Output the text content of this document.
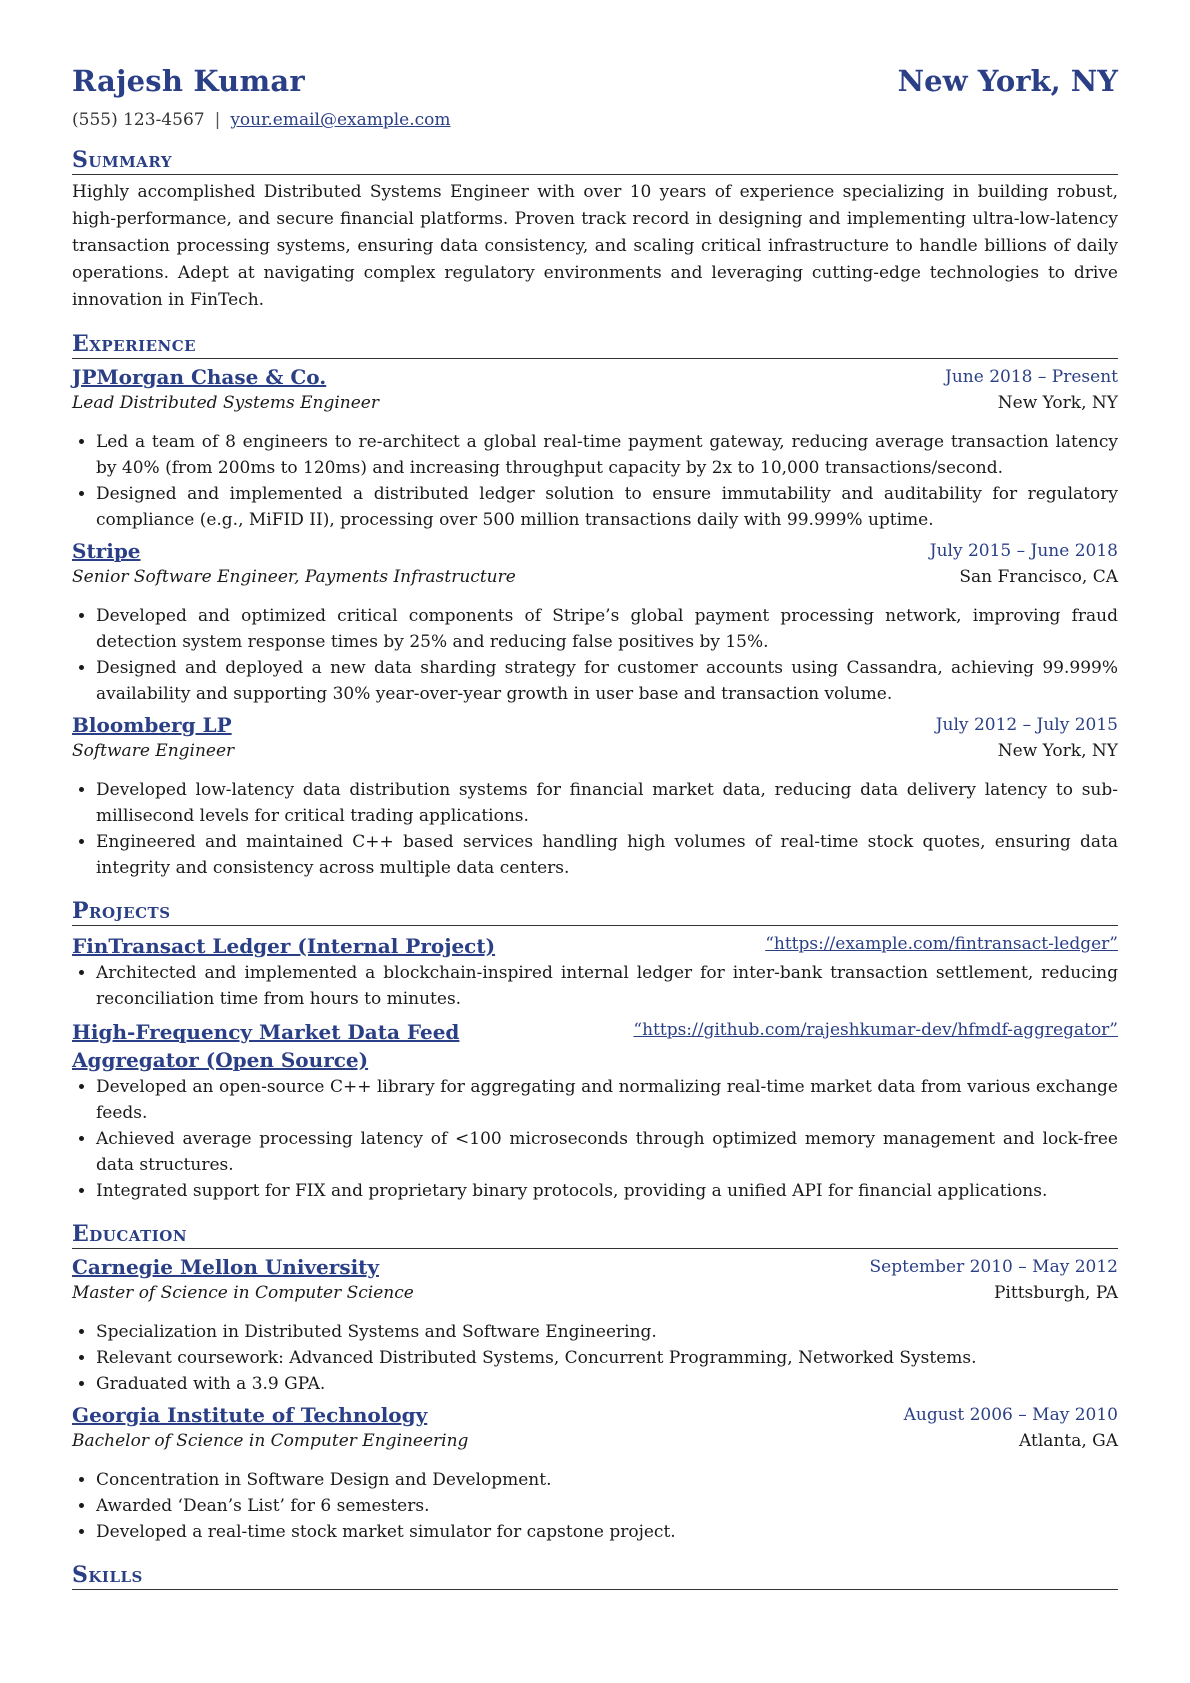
Rajesh Kumar	New York, NY
(555) 123-4567 | your.email@example.com
Summary
Highly accomplished Distributed Systems Engineer with over 10 years of experience specializing in building robust, high-performance, and secure financial platforms. Proven track record in designing and implementing ultra-low-latency transaction processing systems, ensuring data consistency, and scaling critical infrastructure to handle billions of daily operations. Adept at navigating complex regulatory environments and leveraging cutting-edge technologies to drive innovation in FinTech.
Experience
JPMorgan Chase & Co.	June 2018 – Present
Lead Distributed Systems Engineer	New York, NY
• Led a team of 8 engineers to re-architect a global real-time payment gateway, reducing average transaction latency by 40% (from 200ms to 120ms) and increasing throughput capacity by 2x to 10,000 transactions/second.
• Designed and implemented a distributed ledger solution to ensure immutability and auditability for regulatory compliance (e.g., MiFID II), processing over 500 million transactions daily with 99.999% uptime.
Stripe	July 2015 – June 2018
Senior Software Engineer, Payments Infrastructure	San Francisco, CA
• Developed and optimized critical components of Stripe’s global payment processing network, improving fraud detection system response times by 25% and reducing false positives by 15%.
• Designed and deployed a new data sharding strategy for customer accounts using Cassandra, achieving 99.999% availability and supporting 30% year-over-year growth in user base and transaction volume.
Bloomberg LP	July 2012 – July 2015
Software Engineer	New York, NY
• Developed low-latency data distribution systems for financial market data, reducing data delivery latency to sub-millisecond levels for critical trading applications.
• Engineered and maintained C++ based services handling high volumes of real-time stock quotes, ensuring data integrity and consistency across multiple data centers.
Projects
FinTransact Ledger (Internal Project)	“https://example.com/fintransact-ledger”
• Architected and implemented a blockchain-inspired internal ledger for inter-bank transaction settlement, reducing reconciliation time from hours to minutes.
High-Frequency Market Data Feed Aggregator (Open Source)
“https://github.com/rajeshkumar-dev/hfmdf-aggregator”
• Developed an open-source C++ library for aggregating and normalizing real-time market data from various exchange feeds.
• Achieved average processing latency of <100 microseconds through optimized memory management and lock-free data structures.
• Integrated support for FIX and proprietary binary protocols, providing a unified API for financial applications.
Education
Carnegie Mellon University	September 2010 – May 2012
Master of Science in Computer Science	Pittsburgh, PA
• Specialization in Distributed Systems and Software Engineering.
• Relevant coursework: Advanced Distributed Systems, Concurrent Programming, Networked Systems.
• Graduated with a 3.9 GPA.
Georgia Institute of Technology	August 2006 – May 2010
Bachelor of Science in Computer Engineering	Atlanta, GA
• Concentration in Software Design and Development.
• Awarded ‘Dean’s List’ for 6 semesters.
• Developed a real-time stock market simulator for capstone project.
Skills
